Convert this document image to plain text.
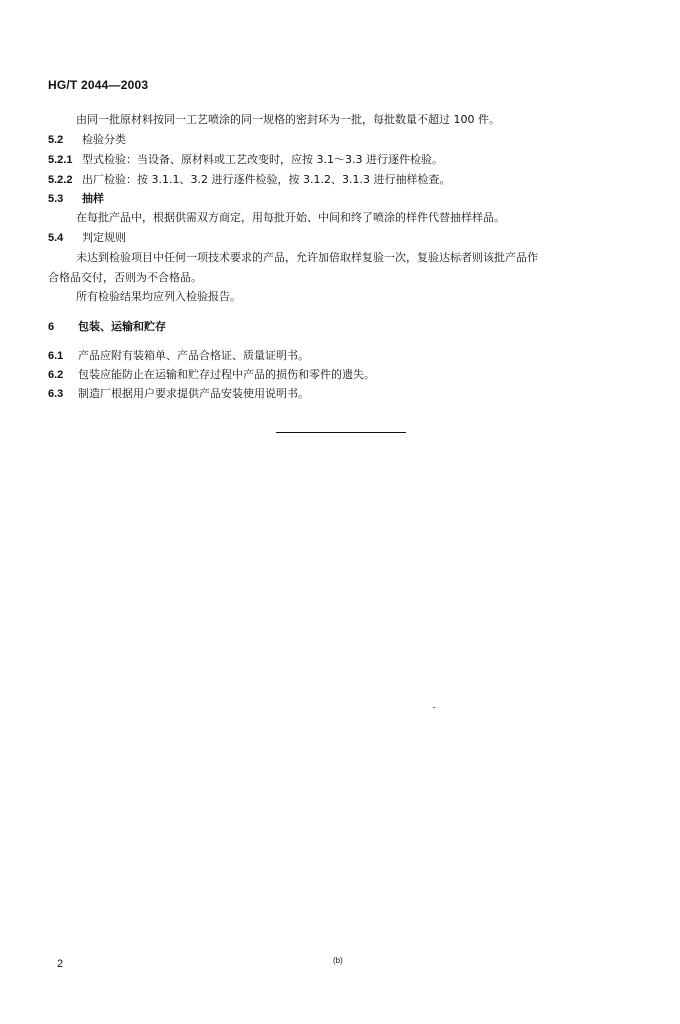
HG/T 2044—2003
由同一批原材料按同一工艺喷涂的同一规格的密封环为一批，每批数量不超过 100 件。
5.2 检验分类
5.2.1 型式检验：当设备、原材料或工艺改变时，应按 3.1～3.3 进行逐件检验。
5.2.2 出厂检验：按 3.1.1、3.2 进行逐件检验，按 3.1.2、3.1.3 进行抽样检查。
5.3 抽样
在每批产品中，根据供需双方商定，用每批开始、中间和终了喷涂的样件代替抽样样品。
5.4 判定规则
未达到检验项目中任何一项技术要求的产品，允许加倍取样复验一次，复验达标者则该批产品作
合格品交付，否则为不合格品。
所有检验结果均应列入检验报告。
6 包装、运输和贮存
6.1 产品应附有装箱单、产品合格证、质量证明书。
6.2 包装应能防止在运输和贮存过程中产品的损伤和零件的遗失。
6.3 制造厂根据用户要求提供产品安装使用说明书。
2	(b)
